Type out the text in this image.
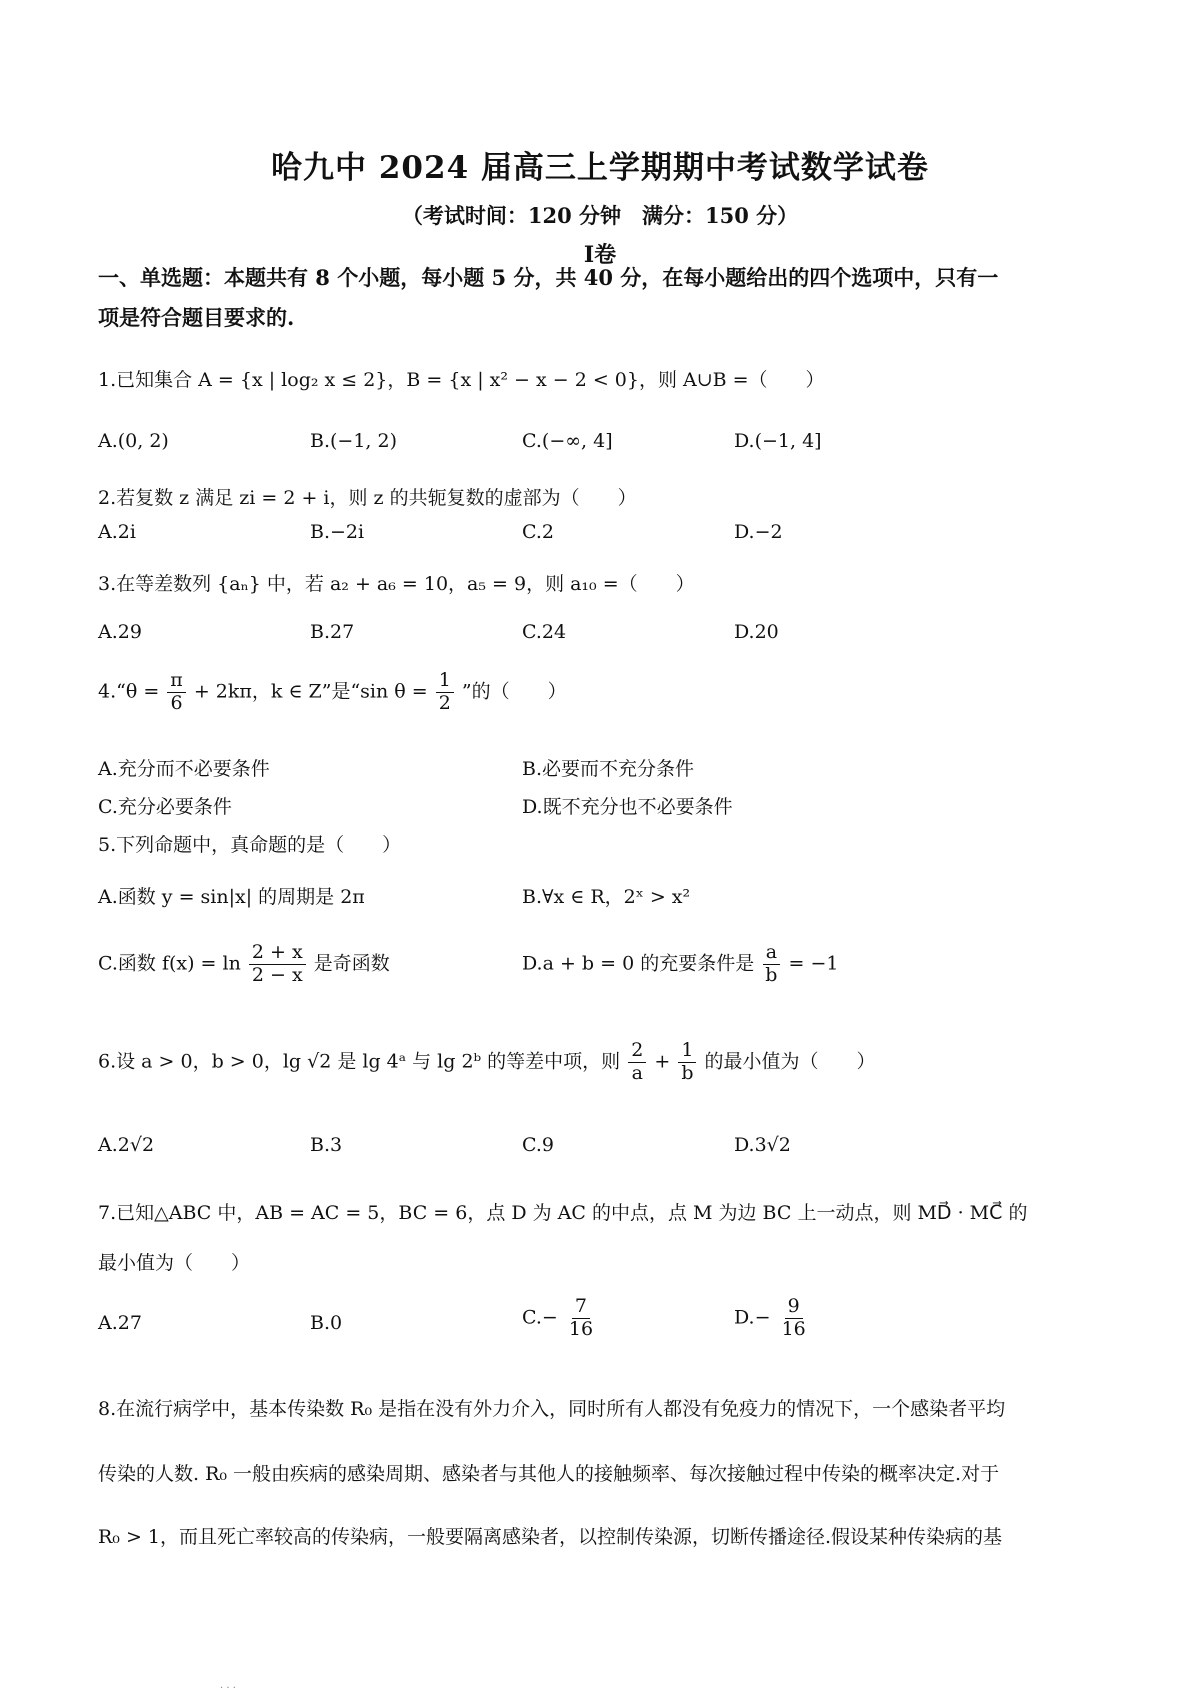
哈九中 2024 届高三上学期期中考试数学试卷
（考试时间：120 分钟　满分：150 分）
Ⅰ卷
一、单选题：本题共有 8 个小题，每小题 5 分，共 40 分，在每小题给出的四个选项中，只有一
项是符合题目要求的.
1.已知集合 A = {x | log₂ x ≤ 2}，B = {x | x² − x − 2 < 0}，则 A∪B =（　　）
A.(0, 2)	B.(−1, 2)	C.(−∞, 4]	D.(−1, 4]
2.若复数 z 满足 zi = 2 + i，则 z 的共轭复数的虚部为（　　）
A.2i	B.−2i	C.2	D.−2
3.在等差数列 {aₙ} 中，若 a₂ + a₆ = 10，a₅ = 9，则 a₁₀ =（　　）
A.29	B.27	C.24	D.20
4.“θ = $\frac{\pi}{6} + 2k\pi$，k ∈ Z”是“sin $\theta = \frac{1}{2}$ ”的（　　）
A.充分而不必要条件	B.必要而不充分条件
C.充分必要条件	D.既不充分也不必要条件
5.下列命题中，真命题的是（　　）
A.函数 y = sin|x| 的周期是 2π	B.∀x ∈ R，2ˣ > x²
C.函数 $f(x) = \ln \frac{2 + x}{2 - x}$ 是奇函数	D.a + b = 0 的充要条件是 $\frac{a}{b} = -1$
6.设 a > 0，b > 0，lg √2 是 lg 4ᵃ 与 lg 2ᵇ 的等差中项，则 $\frac{2}{a} + \frac{1}{b}$ 的最小值为（　　）
A.2√2	B.3	C.9	D.3√2
7.已知△ABC 中，AB = AC = 5，BC = 6，点 D 为 AC 的中点，点 M 为边 BC 上一动点，则 MD⃗ · MC⃗ 的
最小值为（　　）
A.27	B.0	$C.- \frac{7}{16}$	$D.- \frac{9}{16}$
8.在流行病学中，基本传染数 R₀ 是指在没有外力介入，同时所有人都没有免疫力的情况下，一个感染者平均
传染的人数. R₀ 一般由疾病的感染周期、感染者与其他人的接触频率、每次接触过程中传染的概率决定.对于
R₀ > 1，而且死亡率较高的传染病，一般要隔离感染者，以控制传染源，切断传播途径.假设某种传染病的基
· · ·
